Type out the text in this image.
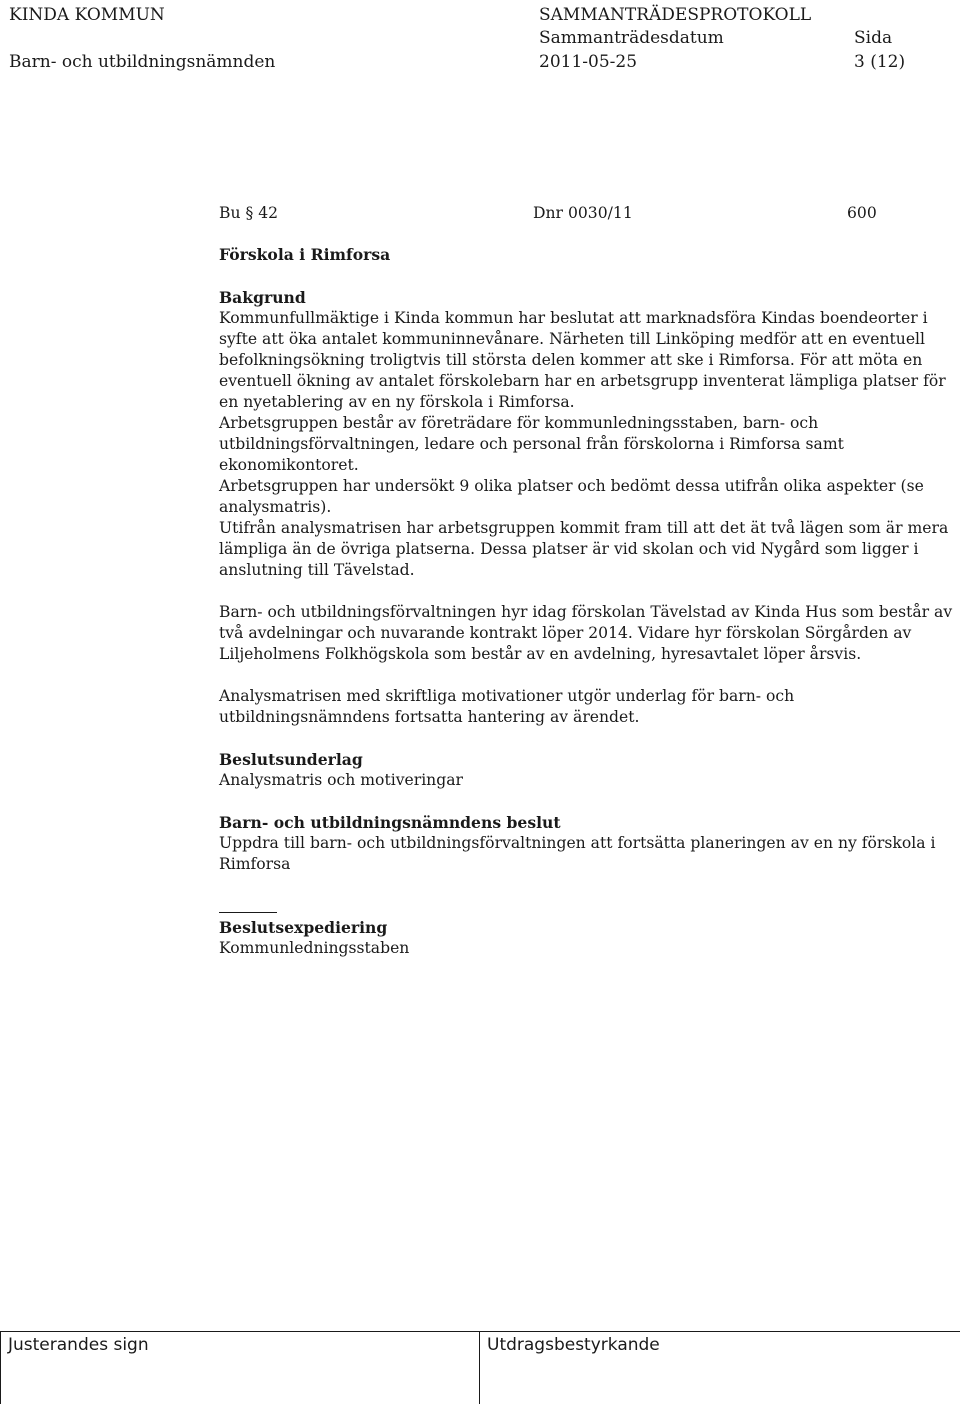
KINDA KOMMUN
Barn- och utbildningsnämnden
SAMMANTRÄDESPROTOKOLL
Sammanträdesdatum
2011-05-25
Sida
3 (12)
Bu § 42	Dnr 0030/11	600
Förskola i Rimforsa

Bakgrund

Kommunfullmäktige i Kinda kommun har beslutat att marknadsföra Kindas boendeorter i syfte att öka antalet kommuninnevånare. Närheten till Linköping medför att en eventuell befolkningsökning troligtvis till största delen kommer att ske i Rimforsa. För att möta en eventuell ökning av antalet förskolebarn har en arbetsgrupp inventerat lämpliga platser för en nyetablering av en ny förskola i Rimforsa.

Arbetsgruppen består av företrädare för kommunledningsstaben, barn- och utbildningsförvaltningen, ledare och personal från förskolorna i Rimforsa samt ekonomikontoret.

Arbetsgruppen har undersökt 9 olika platser och bedömt dessa utifrån olika aspekter (se analysmatris).

Utifrån analysmatrisen har arbetsgruppen kommit fram till att det ät två lägen som är mera lämpliga än de övriga platserna. Dessa platser är vid skolan och vid Nygård som ligger i anslutning till Tävelstad.

Barn- och utbildningsförvaltningen hyr idag förskolan Tävelstad av Kinda Hus som består av två avdelningar och nuvarande kontrakt löper 2014. Vidare hyr förskolan Sörgården av Liljeholmens Folkhögskola som består av en avdelning, hyresavtalet löper årsvis.
Analysmatrisen med skriftliga motivationer utgör underlag för barn- och utbildningsnämndens fortsatta hantering av ärendet.

Beslutsunderlag

Analysmatris och motiveringar

Barn- och utbildningsnämndens beslut

Uppdra till barn- och utbildningsförvaltningen att fortsätta planeringen av en ny förskola i Rimforsa

Beslutsexpediering

Kommunledningsstaben

Justerandes sign	Utdragsbestyrkande
